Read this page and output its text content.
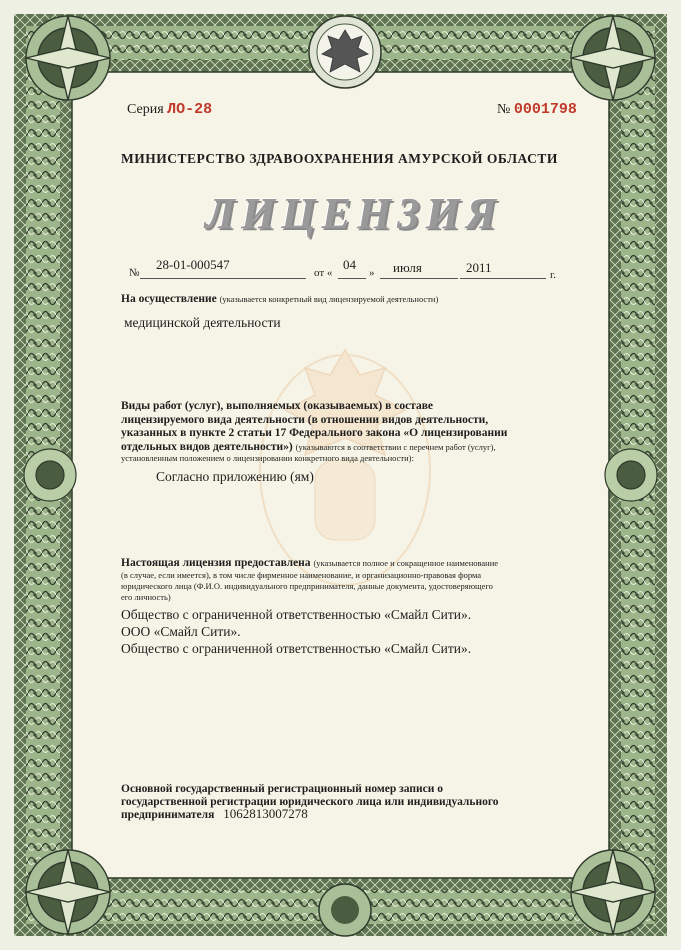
Серия ЛО-28	№ 0001798
МИНИСТЕРСТВО ЗДРАВООХРАНЕНИЯ АМУРСКОЙ ОБЛАСТИ
ЛИЦЕНЗИЯ
№
28-01-000547
от «
04
» июля	2011	г.
На осуществление (указывается конкретный вид лицензируемой деятельности)
медицинской деятельности
Виды работ (услуг), выполняемых (оказываемых) в составе
лицензируемого вида деятельности (в отношении видов деятельности,
указанных в пункте 2 статьи 17 Федерального закона «О лицензировании
отдельных видов деятельности») (указываются в соответствии с перечнем работ (услуг),
установленным положением о лицензировании конкретного вида деятельности):
Согласно приложению (ям)
Настоящая лицензия предоставлена (указывается полное и сокращенное наименование
(в случае, если имеется), в том числе фирменное наименование, и организационно-правовая форма
юридического лица (Ф.И.О. индивидуального предпринимателя, данные документа, удостоверяющего
его личность)
Общество с ограниченной ответственностью «Смайл Сити».
ООО «Смайл Сити».
Общество с ограниченной ответственностью «Смайл Сити».
Основной государственный регистрационный номер записи о
государственной регистрации юридического лица или индивидуального
предпринимателя 1062813007278
